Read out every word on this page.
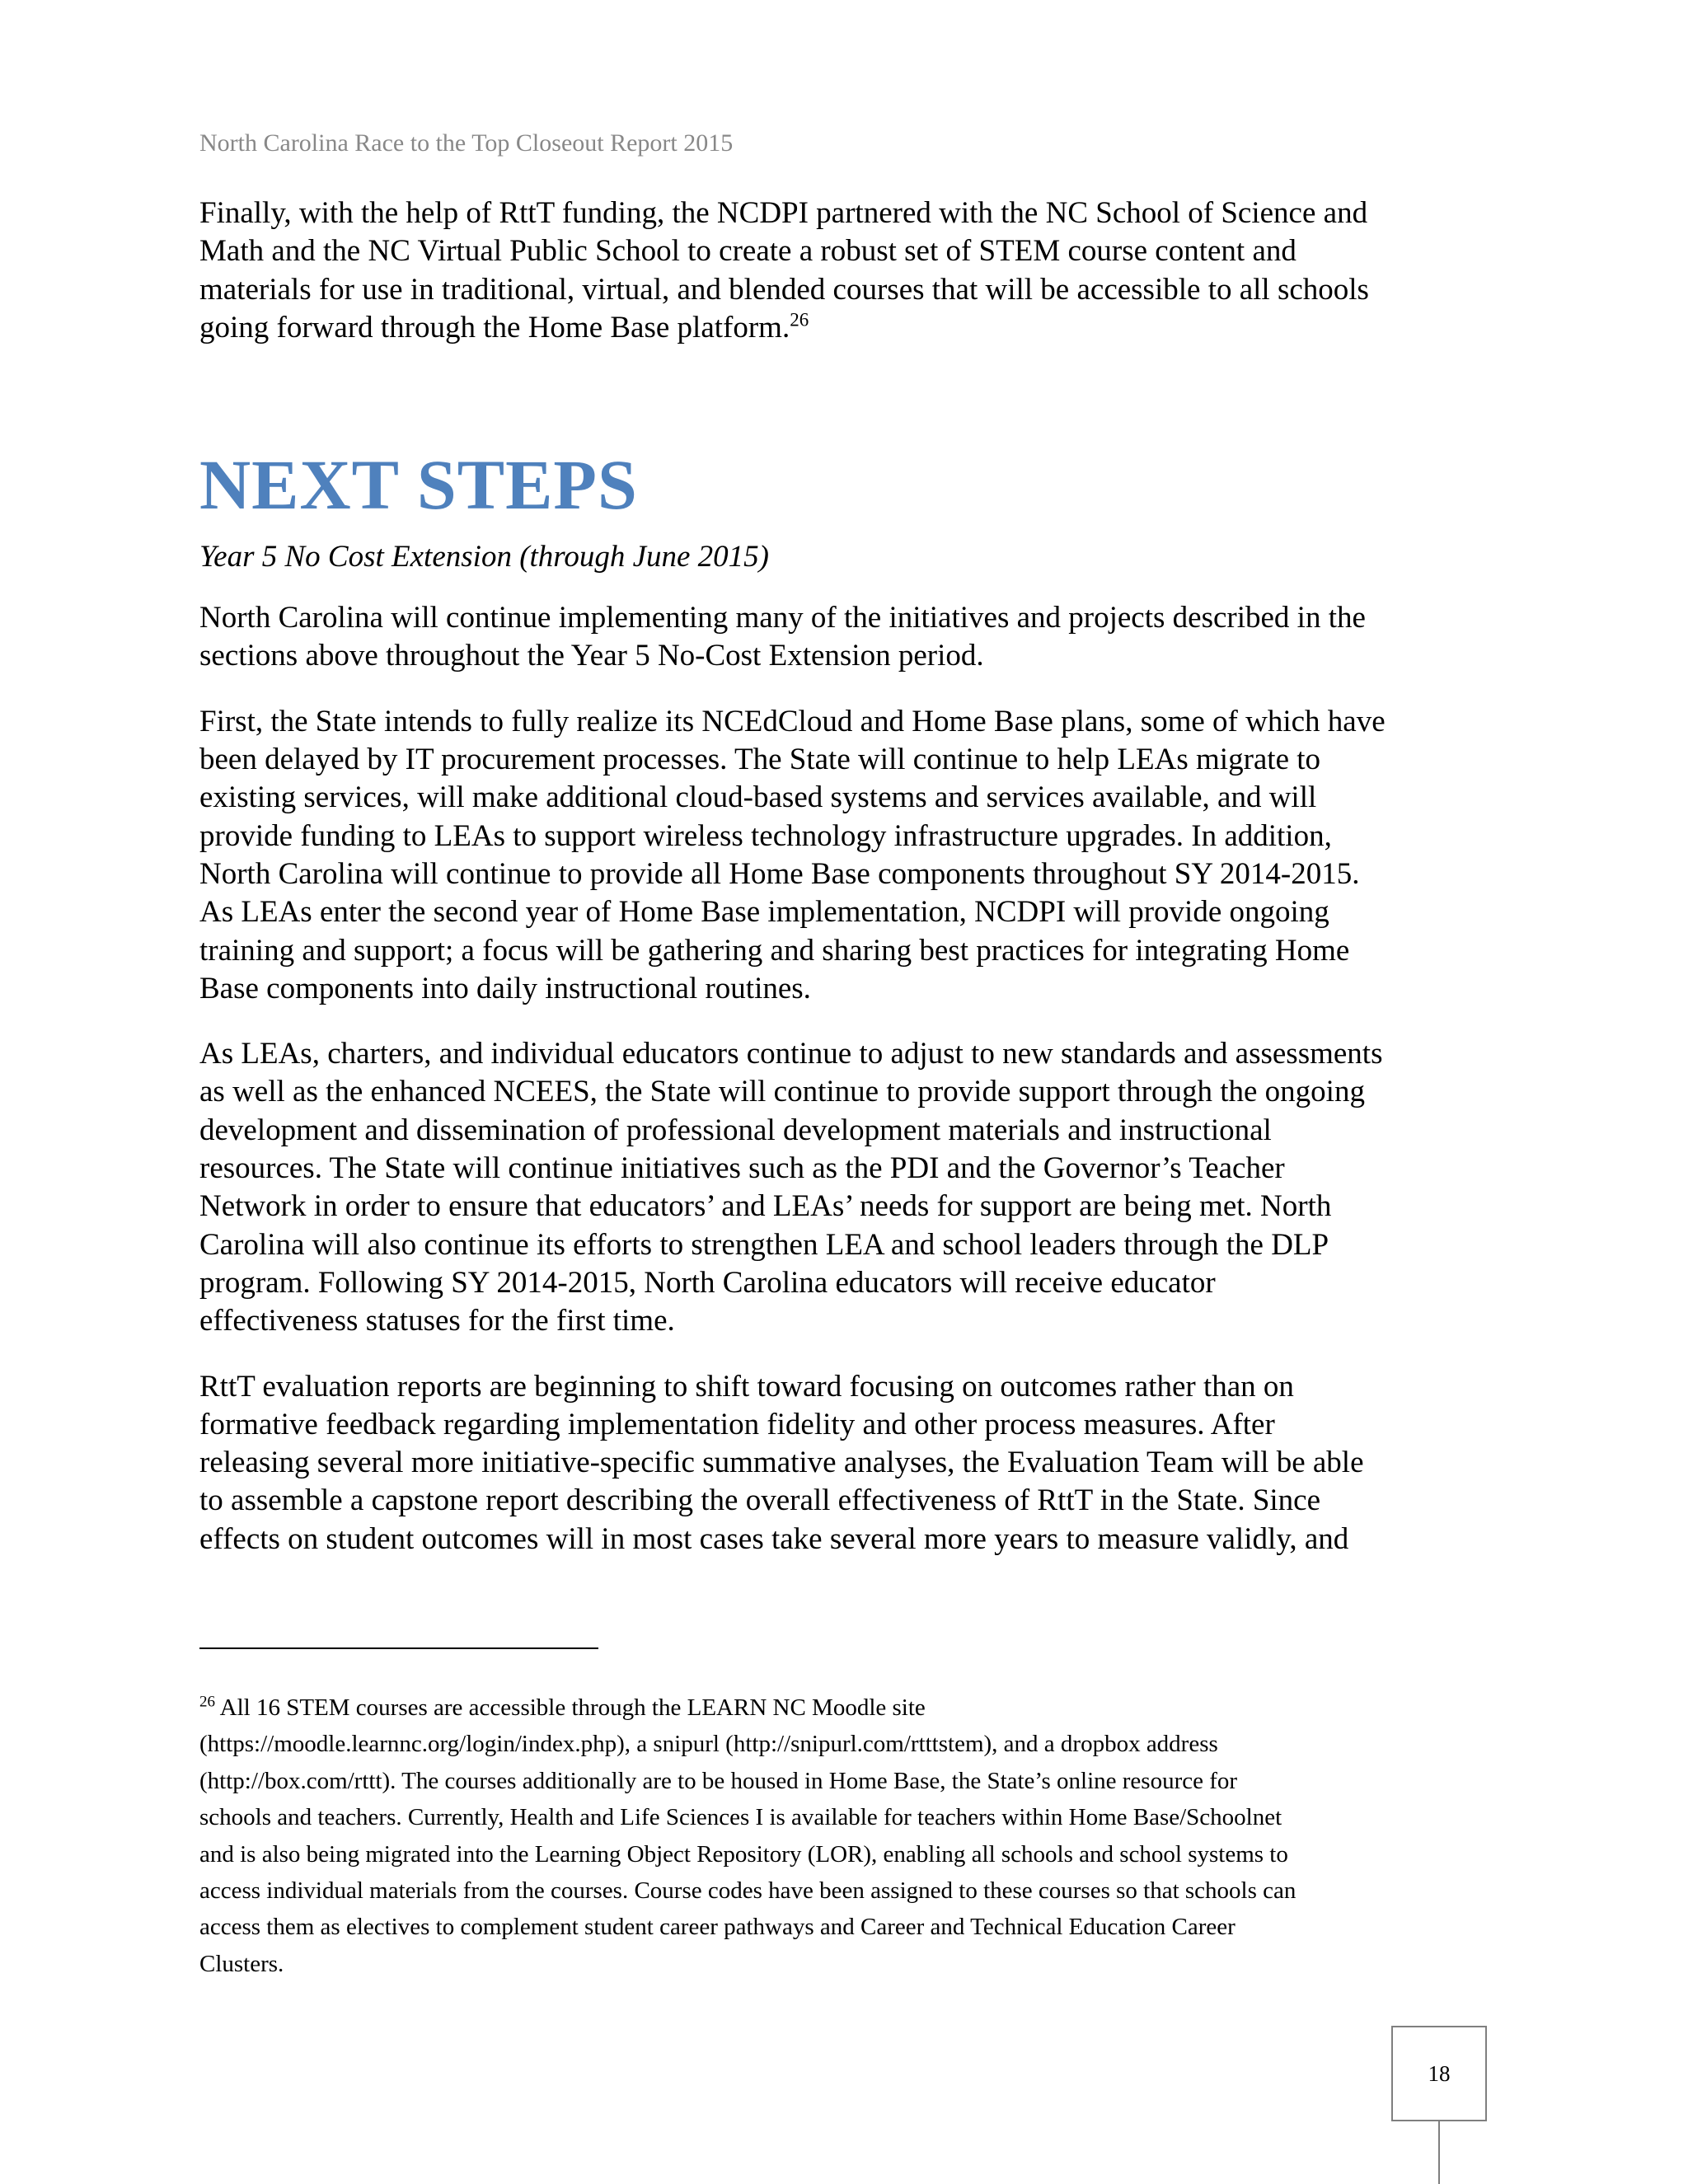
North Carolina Race to the Top Closeout Report 2015
Finally, with the help of RttT funding, the NCDPI partnered with the NC School of Science and
Math and the NC Virtual Public School to create a robust set of STEM course content and
materials for use in traditional, virtual, and blended courses that will be accessible to all schools
going forward through the Home Base platform.$^{26}$
NEXT STEPS
Year 5 No Cost Extension (through June 2015)
North Carolina will continue implementing many of the initiatives and projects described in the
sections above throughout the Year 5 No-Cost Extension period.
First, the State intends to fully realize its NCEdCloud and Home Base plans, some of which have
been delayed by IT procurement processes. The State will continue to help LEAs migrate to
existing services, will make additional cloud-based systems and services available, and will
provide funding to LEAs to support wireless technology infrastructure upgrades. In addition,
North Carolina will continue to provide all Home Base components throughout SY 2014-2015.
As LEAs enter the second year of Home Base implementation, NCDPI will provide ongoing
training and support; a focus will be gathering and sharing best practices for integrating Home
Base components into daily instructional routines.
As LEAs, charters, and individual educators continue to adjust to new standards and assessments
as well as the enhanced NCEES, the State will continue to provide support through the ongoing
development and dissemination of professional development materials and instructional
resources. The State will continue initiatives such as the PDI and the Governor’s Teacher
Network in order to ensure that educators’ and LEAs’ needs for support are being met. North
Carolina will also continue its efforts to strengthen LEA and school leaders through the DLP
program. Following SY 2014-2015, North Carolina educators will receive educator
effectiveness statuses for the first time.
RttT evaluation reports are beginning to shift toward focusing on outcomes rather than on
formative feedback regarding implementation fidelity and other process measures. After
releasing several more initiative-specific summative analyses, the Evaluation Team will be able
to assemble a capstone report describing the overall effectiveness of RttT in the State. Since
effects on student outcomes will in most cases take several more years to measure validly, and
$^{26}$ All 16 STEM courses are accessible through the LEARN NC Moodle site
(https://moodle.learnnc.org/login/index.php), a snipurl (http://snipurl.com/rtttstem), and a dropbox address
(http://box.com/rttt). The courses additionally are to be housed in Home Base, the State’s online resource for
schools and teachers. Currently, Health and Life Sciences I is available for teachers within Home Base/Schoolnet
and is also being migrated into the Learning Object Repository (LOR), enabling all schools and school systems to
access individual materials from the courses. Course codes have been assigned to these courses so that schools can
access them as electives to complement student career pathways and Career and Technical Education Career
Clusters.
18
